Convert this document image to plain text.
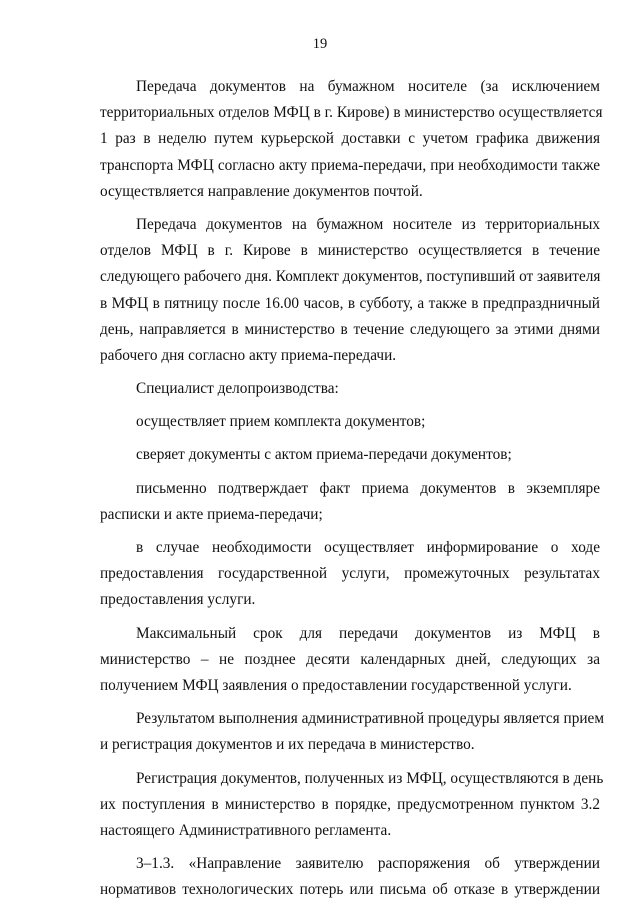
19
Передача документов на бумажном носителе (за исключением
территориальных отделов МФЦ в г. Кирове) в министерство осуществляется
1 раз в неделю путем курьерской доставки с учетом графика движения
транспорта МФЦ согласно акту приема-передачи, при необходимости также
осуществляется направление документов почтой.
Передача документов на бумажном носителе из территориальных
отделов МФЦ в г. Кирове в министерство осуществляется в течение
следующего рабочего дня. Комплект документов, поступивший от заявителя
в МФЦ в пятницу после 16.00 часов, в субботу, а также в предпраздничный
день, направляется в министерство в течение следующего за этими днями
рабочего дня согласно акту приема-передачи.
Специалист делопроизводства:
осуществляет прием комплекта документов;
сверяет документы с актом приема-передачи документов;
письменно подтверждает факт приема документов в экземпляре
расписки и акте приема-передачи;
в случае необходимости осуществляет информирование о ходе
предоставления государственной услуги, промежуточных результатах
предоставления услуги.
Максимальный срок для передачи документов из МФЦ в
министерство – не позднее десяти календарных дней, следующих за
получением МФЦ заявления о предоставлении государственной услуги.
Результатом выполнения административной процедуры является прием
и регистрация документов и их передача в министерство.
Регистрация документов, полученных из МФЦ, осуществляются в день
их поступления в министерство в порядке, предусмотренном пунктом 3.2
настоящего Административного регламента.
3–1.3. «Направление заявителю распоряжения об утверждении
нормативов технологических потерь или письма об отказе в утверждении
